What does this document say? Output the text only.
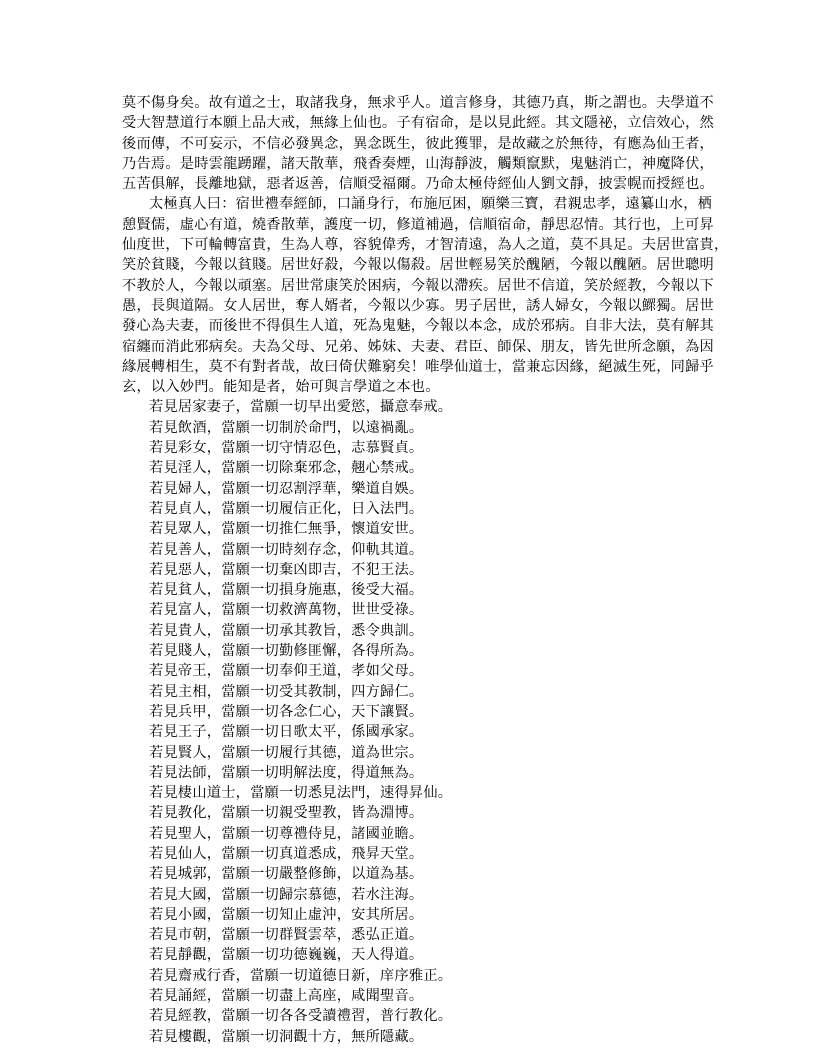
莫不傷身矣。故有道之士，取諸我身，無求乎人。道言修身，其德乃真，斯之謂也。夫學道不
受大智慧道行本願上品大戒，無緣上仙也。子有宿命，是以見此經。其文隱祕，立信效心，然
後而傳，不可妄示，不信必發異念，異念既生，彼此獲罪，是故藏之於無待，有應為仙王者，
乃告焉。是時雲龍踴躍，諸天散華，飛香奏煙，山海靜波，觸類竄默，鬼魅消亡，神魔降伏，
五苦俱解，長離地獄，惡者返善，信順受福爾。乃命太極侍經仙人劉文靜，披雲幌而授經也。

太極真人曰：宿世禮奉經師，口誦身行，布施厄困，願樂三寶，君親忠孝，遠纂山水，栖
憩賢儒，虛心有道，燒香散華，護度一切，修道補過，信順宿命，靜思忍情。其行也，上可昇
仙度世，下可輪轉富貴，生為人尊，容貌偉秀，才智清遠，為人之道，莫不具足。夫居世富貴，
笑於貧賤，今報以貧賤。居世好殺，今報以傷殺。居世輕易笑於醜陋，今報以醜陋。居世聰明
不教於人，今報以頑塞。居世常康笑於困病，今報以滯疾。居世不信道，笑於經教，今報以下
愚，長與道隔。女人居世，奪人婿者，今報以少寡。男子居世，誘人婦女，今報以鰥獨。居世
發心為夫妻，而後世不得俱生人道，死為鬼魅，今報以本念，成於邪病。自非大法，莫有解其
宿纏而消此邪病矣。夫為父母、兄弟、姊妹、夫妻、君臣、師保、朋友，皆先世所念願，為因
緣展轉相生，莫不有對者哉，故曰倚伏難窮矣！唯學仙道士，當兼忘因緣，絕滅生死，同歸乎
玄，以入妙門。能知是者，始可與言學道之本也。

若見居家妻子，當願一切早出愛慾，攝意奉戒。
若見飲酒，當願一切制於命門，以遠禍亂。
若見彩女，當願一切守情忍色，志慕賢貞。
若見淫人，當願一切除棄邪念，翹心禁戒。
若見婦人，當願一切忍割浮華，樂道自娛。
若見貞人，當願一切履信正化，日入法門。
若見眾人，當願一切推仁無爭，懷道安世。
若見善人，當願一切時刻存念，仰軌其道。
若見惡人，當願一切棄凶即吉，不犯王法。
若見貧人，當願一切損身施惠，後受大福。
若見富人，當願一切救濟萬物，世世受祿。
若見貴人，當願一切承其教旨，悉令典訓。
若見賤人，當願一切勤修匪懈，各得所為。
若見帝王，當願一切奉仰王道，孝如父母。
若見主相，當願一切受其教制，四方歸仁。
若見兵甲，當願一切各念仁心，天下讓賢。
若見王子，當願一切日歌太平，係國承家。
若見賢人，當願一切履行其德，道為世宗。
若見法師，當願一切明解法度，得道無為。
若見棲山道士，當願一切悉見法門，速得昇仙。
若見教化，當願一切親受聖教，皆為淵博。
若見聖人，當願一切尊禮侍見，諸國並瞻。
若見仙人，當願一切真道悉成，飛昇天堂。
若見城郭，當願一切嚴整修飾，以道為基。
若見大國，當願一切歸宗慕德，若水注海。
若見小國，當願一切知止虛沖，安其所居。
若見市朝，當願一切群賢雲萃，悉弘正道。
若見靜觀，當願一切功德巍巍，天人得道。
若見齋戒行香，當願一切道德日新，庠序雅正。
若見誦經，當願一切盡上高座，咸聞聖音。
若見經教，當願一切各各受讀禮習，普行教化。
若見樓觀，當願一切洞觀十方，無所隱藏。
